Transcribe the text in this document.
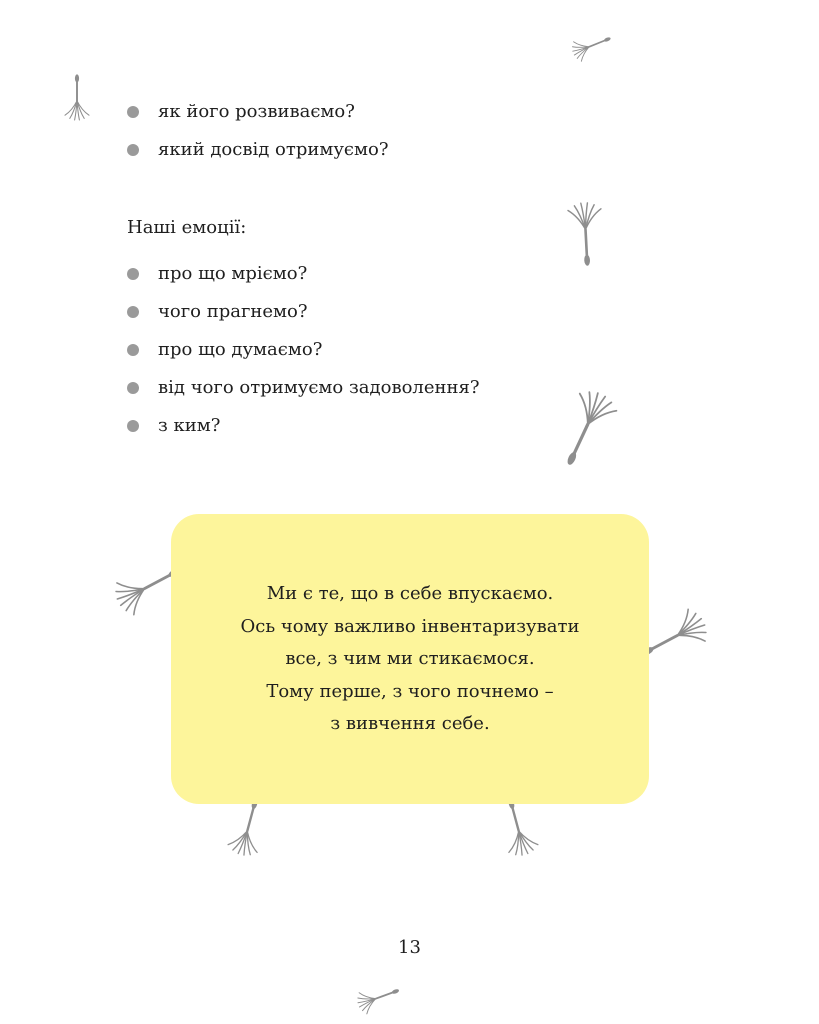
як його розвиваємо?
який досвід отримуємо?

Наші емоції:

про що мріємо?
чого прагнемо?
про що думаємо?
від чого отримуємо задоволення?
з ким?
Ми є те, що в себе впускаємо.
Ось чому важливо інвентаризувати
все, з чим ми стикаємося.
Тому перше, з чого почнемо –
з вивчення себе.
13
